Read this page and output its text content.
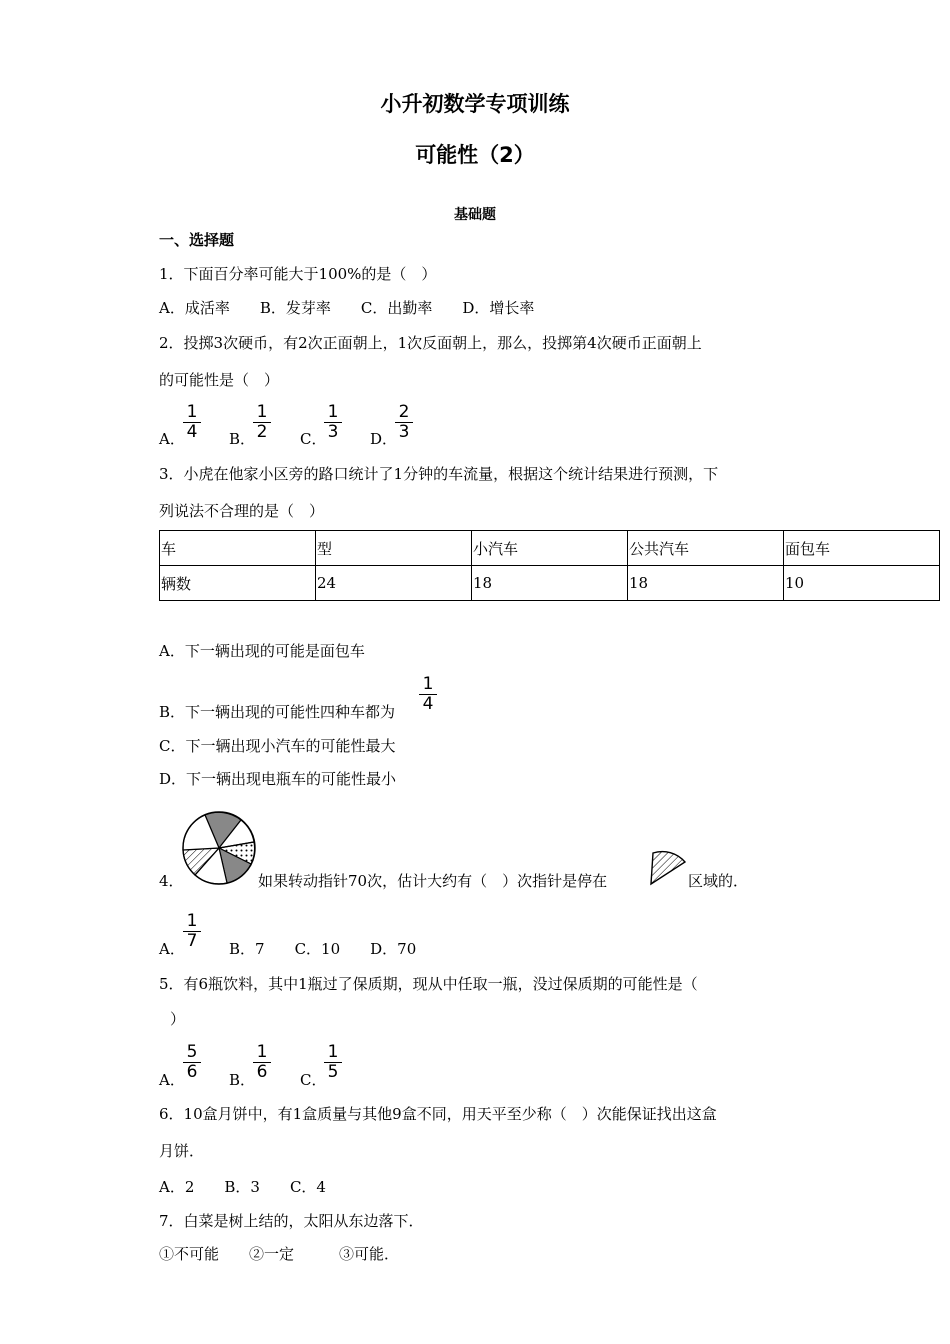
小升初数学专项训练
可能性（2）
基础题
一、选择题
1．下面百分率可能大于100%的是（　）
A．成活率　　B．发芽率　　C．出勤率　　D．增长率
2．投掷3次硬币，有2次正面朝上，1次反面朝上，那么，投掷第4次硬币正面朝上
的可能性是（　）
A．
$\frac{1}{4}$ B．
$\frac{1}{2}$ C．
$\frac{1}{3}$ D．
$\frac{2}{3}$
3．小虎在他家小区旁的路口统计了1分钟的车流量，根据这个统计结果进行预测，下
列说法不合理的是（　）
车	型	小汽车	公共汽车	面包车
辆数	24	18	18	10
A．下一辆出现的可能是面包车
B．下一辆出现的可能性四种车都为 $\frac{1}{4}$
C．下一辆出现小汽车的可能性最大
D．下一辆出现电瓶车的可能性最小
4．	如果转动指针70次，估计大约有（　）次指针是停在	区域的．
A．
$\frac{1}{7}$ B．7　　C．10　　D．70
5．有6瓶饮料，其中1瓶过了保质期，现从中任取一瓶，没过保质期的可能性是（
）
A．
$\frac{5}{6}$ B．
$\frac{1}{6}$ C．
$\frac{1}{5}$
6．10盒月饼中，有1盒质量与其他9盒不同，用天平至少称（　）次能保证找出这盒
月饼．
A．2　　B．3　　C．4
7．白菜是树上结的，太阳从东边落下．
①不可能　　②一定　　　③可能．
